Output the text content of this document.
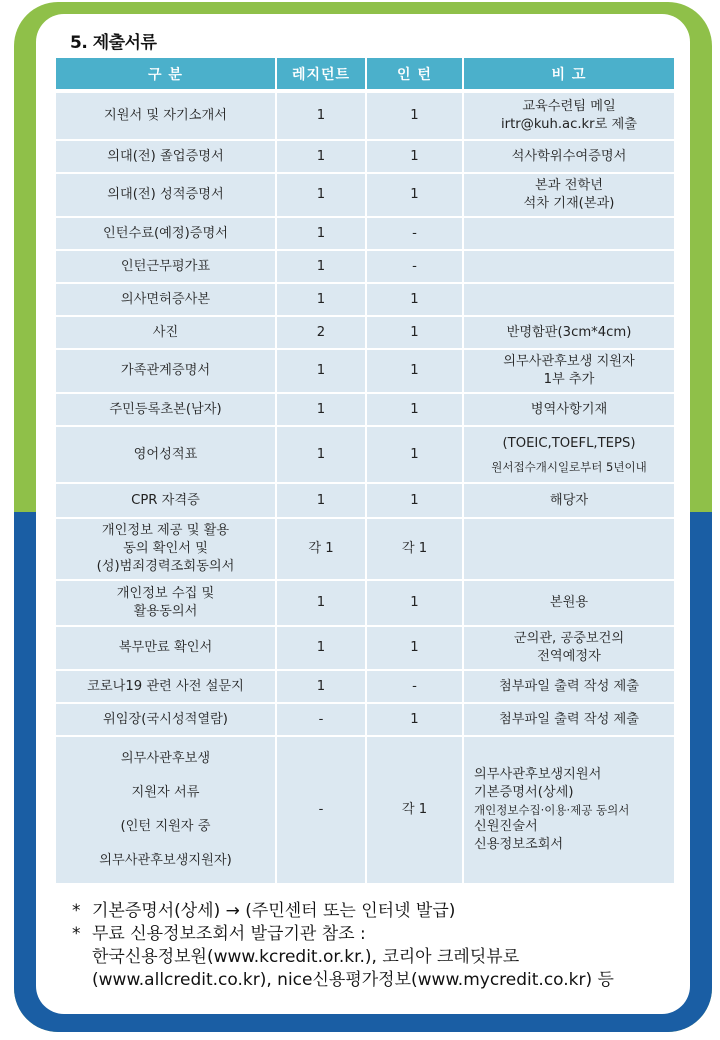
5. 제출서류
구 분	레지던트	인 턴	비 고
지원서 및 자기소개서	1	1	교육수련팀 메일
irtr@kuh.ac.kr로 제출

의대(전) 졸업증명서	1	1	석사학위수여증명서
의대(전) 성적증명서	1	1	본과 전학년
석차 기재(본과)

인턴수료(예정)증명서	1	-	
인턴근무평가표	1	-	
의사면허증사본	1	1	
사진	2	1	반명함판(3cm*4cm)
가족관계증명서	1	1	의무사관후보생 지원자
1부 추가

주민등록초본(남자)	1	1	병역사항기재
영어성적표	1	1	(TOEIC,TOEFL,TEPS)
원서접수개시일로부터 5년이내

CPR 자격증	1	1	해당자

개인정보 제공 및 활용
동의 확인서 및
(성)범죄경력조회동의서	각 1	각 1	

개인정보 수집 및
활용동의서	1	1	본원용
복무만료 확인서	1	1	군의관, 공중보건의
전역예정자

코로나19 관련 사전 설문지	1	-	첨부파일 출력 작성 제출
위임장(국시성적열람)	-	1	첨부파일 출력 작성 제출

의무사관후보생
지원자 서류
(인턴 지원자 중
의무사관후보생지원자)	-	각 1	의무사관후보생지원서
기본증명서(상세)
개인정보수집·이용·제공 동의서
신원진술서
신용정보조회서
* 기본증명서(상세) → (주민센터 또는 인터넷 발급)
* 무료 신용정보조회서 발급기관 참조 :
한국신용정보원(www.kcredit.or.kr.), 코리아 크레딧뷰로
(www.allcredit.co.kr), nice신용평가정보(www.mycredit.co.kr) 등
